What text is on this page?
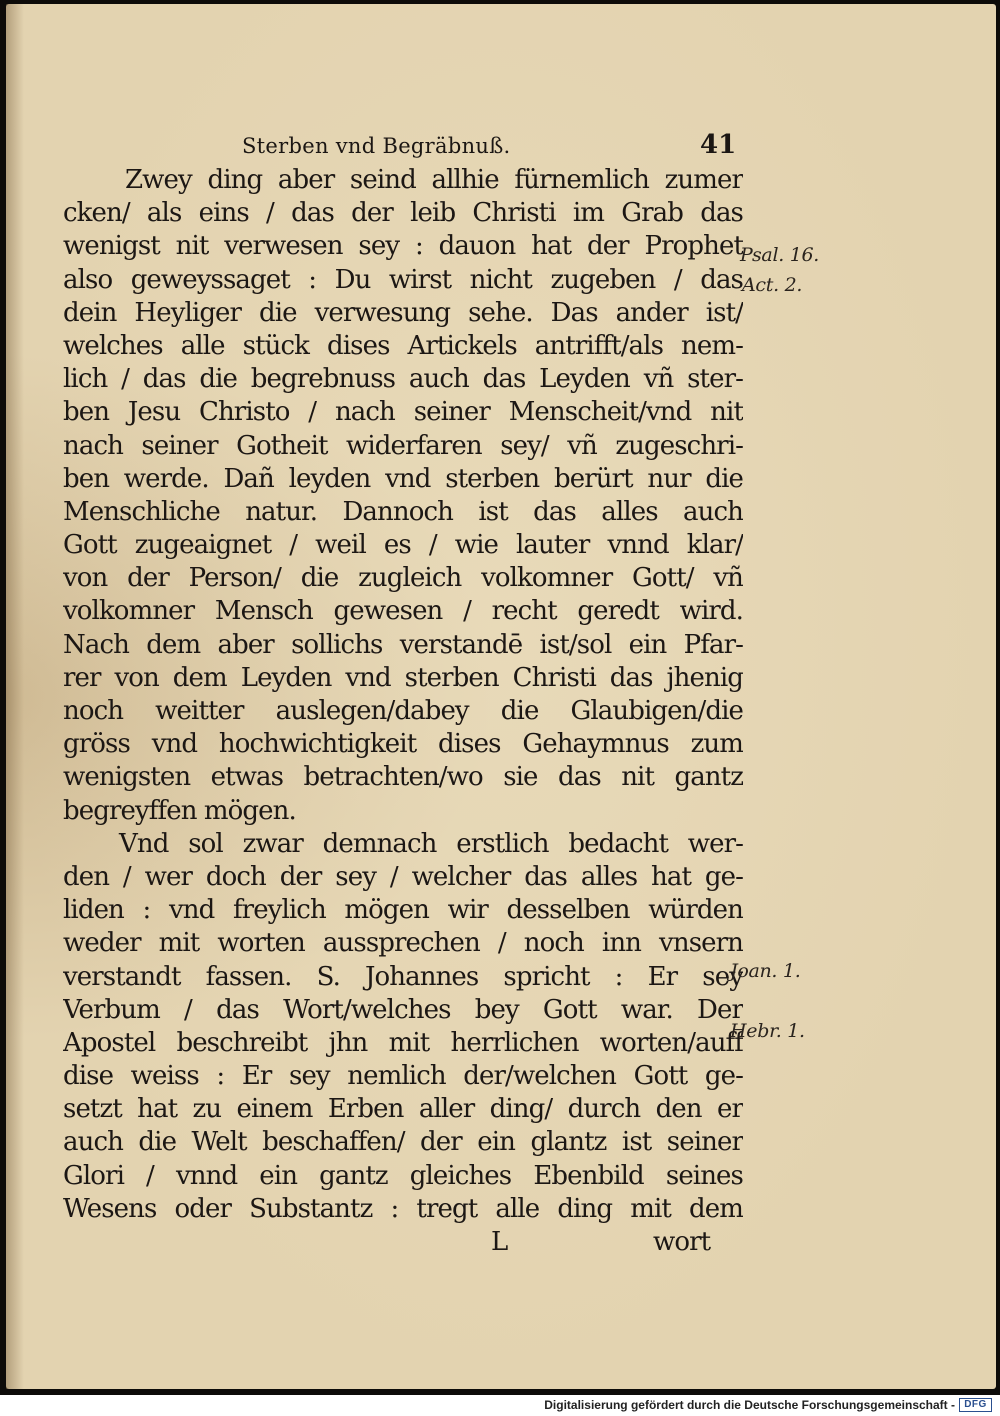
Sterben vnd Begräbnuß.	41
Zwey ding aber seind allhie fürnemlich zumer
cken/ als eins / das der leib Christi im Grab das
wenigst nit verwesen sey : dauon hat der Prophet
also geweyssaget : Du wirst nicht zugeben / das
dein Heyliger die verwesung sehe. Das ander ist/
welches alle stück dises Artickels antrifft/als nem-
lich / das die begrebnuss auch das Leyden vñ ster-
ben Jesu Christo / nach seiner Menscheit/vnd nit
nach seiner Gotheit widerfaren sey/ vñ zugeschri-
ben werde. Dañ leyden vnd sterben berürt nur die
Menschliche natur. Dannoch ist das alles auch
Gott zugeaignet / weil es / wie lauter vnnd klar/
von der Person/ die zugleich volkomner Gott/ vñ
volkomner Mensch gewesen / recht geredt wird.
Nach dem aber sollichs verstandē ist/sol ein Pfar-
rer von dem Leyden vnd sterben Christi das jhenig
noch weitter auslegen/dabey die Glaubigen/die
gröss vnd hochwichtigkeit dises Gehaymnus zum
wenigsten etwas betrachten/wo sie das nit gantz
begreyffen mögen.
Vnd sol zwar demnach erstlich bedacht wer-
den / wer doch der sey / welcher das alles hat ge-
liden : vnd freylich mögen wir desselben würden
weder mit worten aussprechen / noch inn vnsern
verstandt fassen. S. Johannes spricht : Er sey
Verbum / das Wort/welches bey Gott war. Der
Apostel beschreibt jhn mit herrlichen worten/auff
dise weiss : Er sey nemlich der/welchen Gott ge-
setzt hat zu einem Erben aller ding/ durch den er
auch die Welt beschaffen/ der ein glantz ist seiner
Glori / vnnd ein gantz gleiches Ebenbild seines
Wesens oder Substantz : tregt alle ding mit dem
L	wort
Psal. 16.
Act. 2.
Joan. 1.
Hebr. 1.
Digitalisierung gefördert durch die Deutsche Forschungsgemeinschaft - DFG
